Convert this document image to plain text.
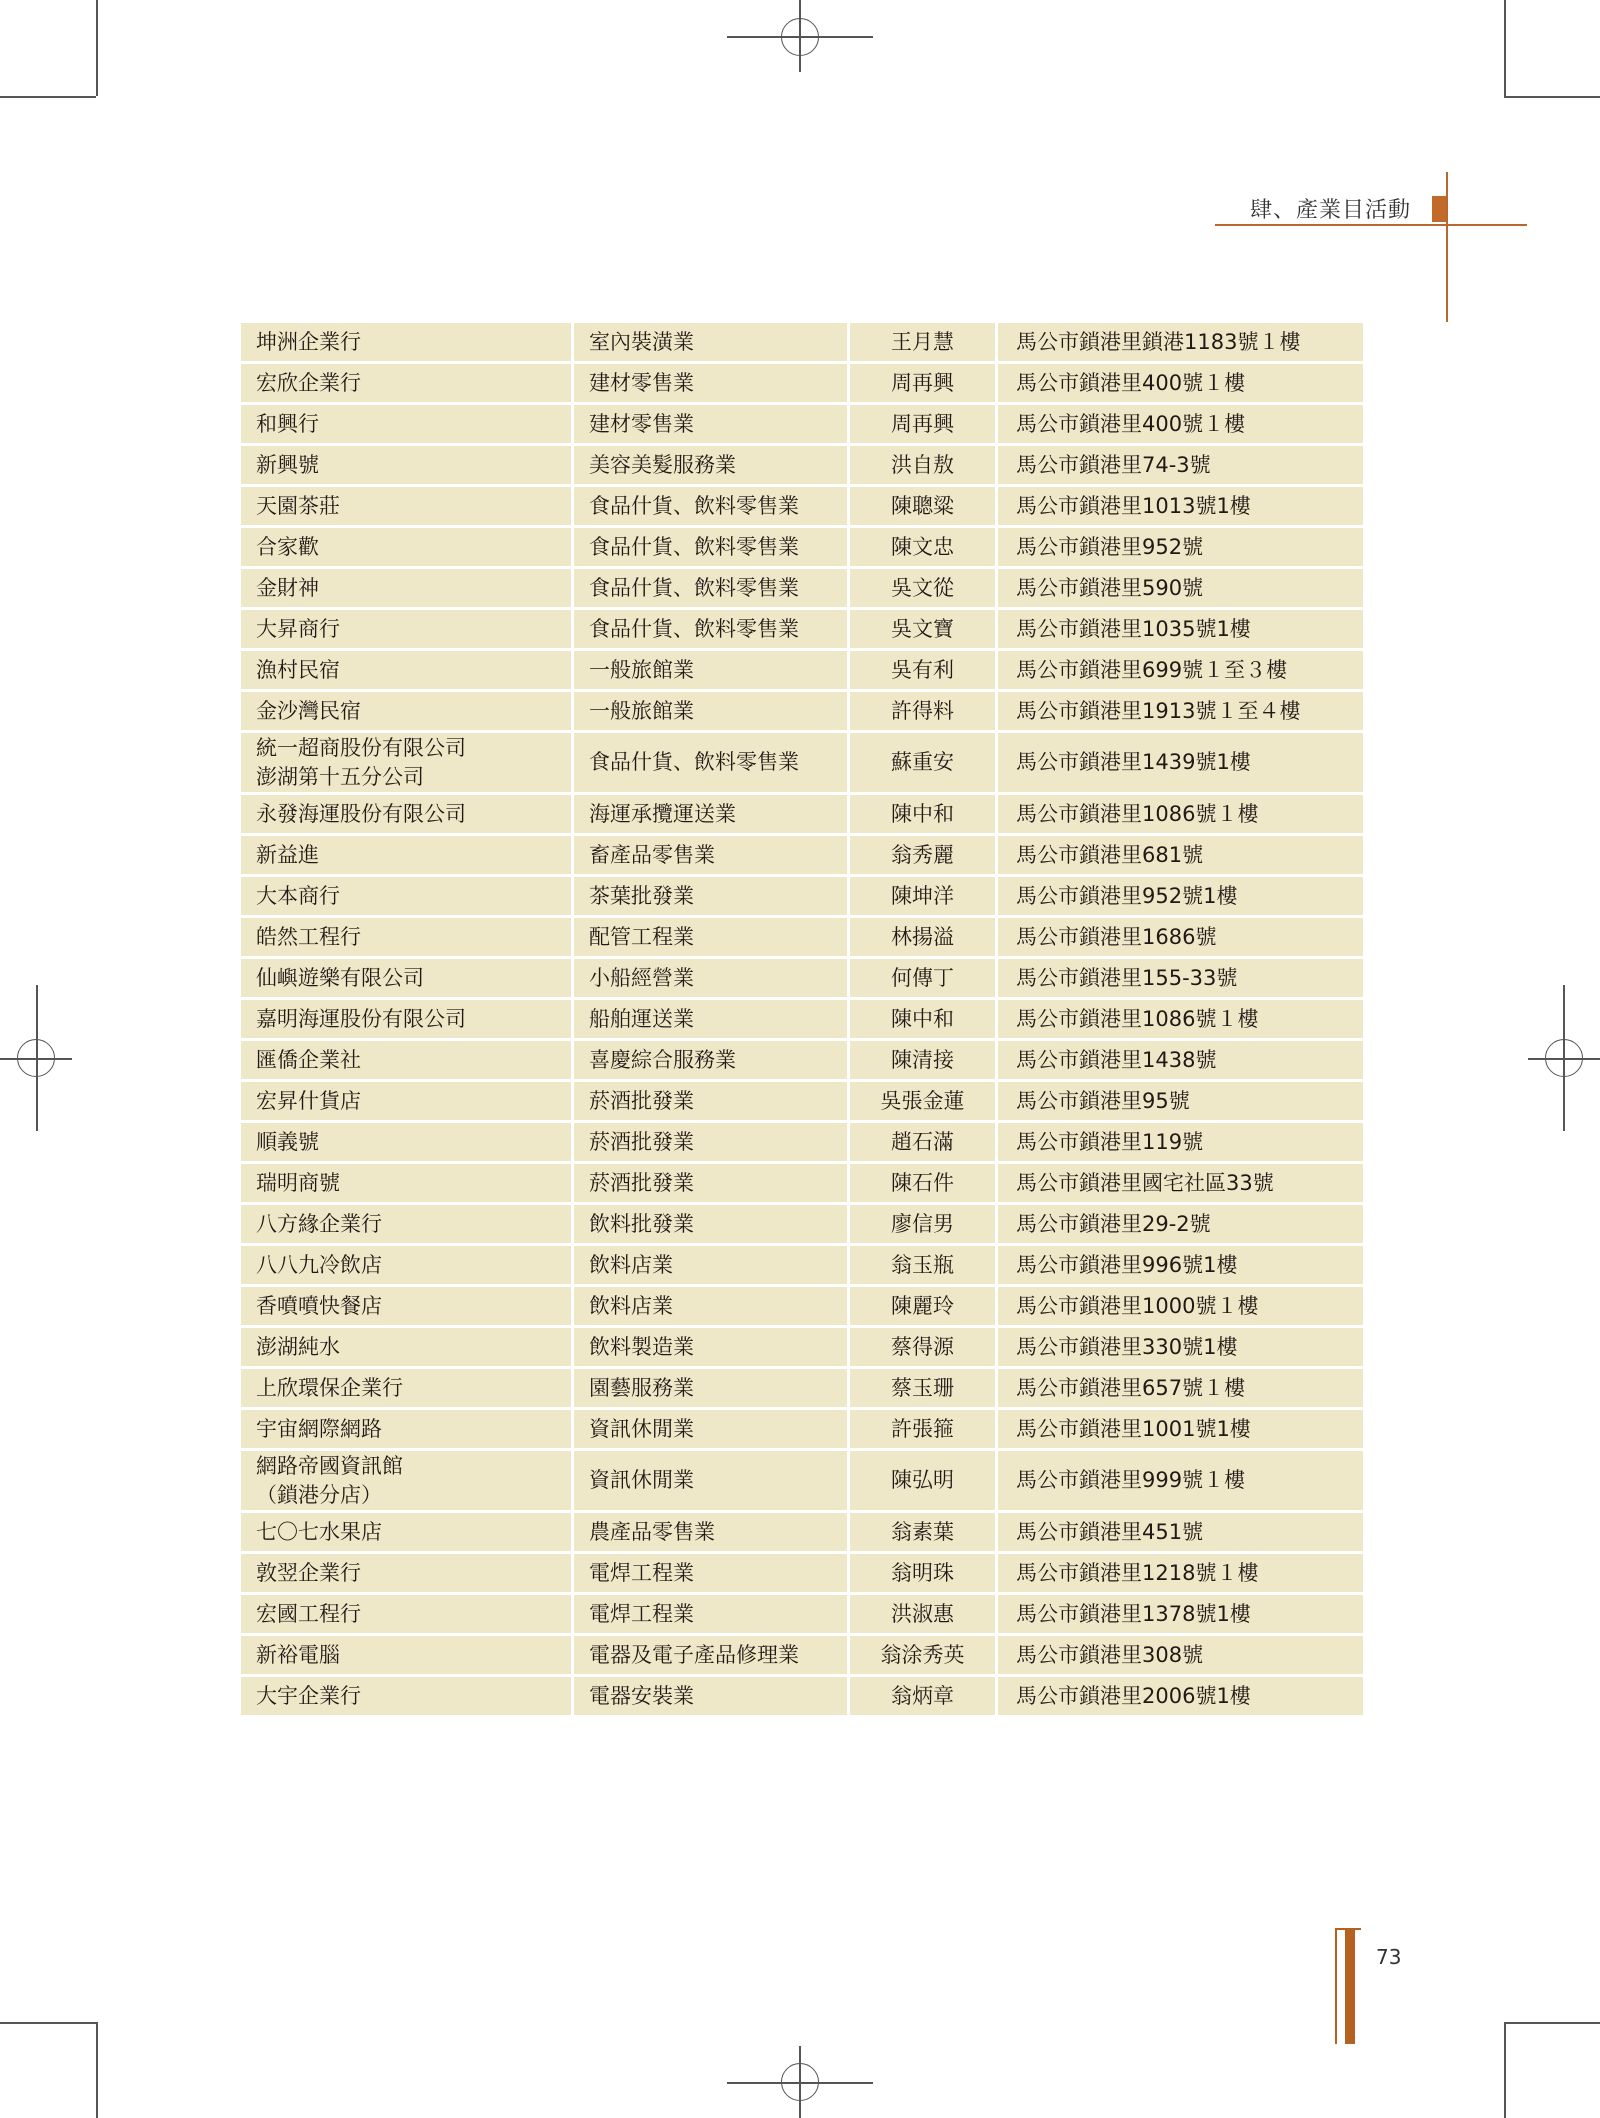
肆、產業目活動
坤洲企業行	室內裝潢業	王月慧	馬公市鎖港里鎖港1183號１樓
宏欣企業行	建材零售業	周再興	馬公市鎖港里400號１樓
和興行	建材零售業	周再興	馬公市鎖港里400號１樓
新興號	美容美髮服務業	洪自敖	馬公市鎖港里74-3號
天園茶莊	食品什貨、飲料零售業	陳聰粱	馬公市鎖港里1013號1樓
合家歡	食品什貨、飲料零售業	陳文忠	馬公市鎖港里952號
金財神	食品什貨、飲料零售業	吳文從	馬公市鎖港里590號
大昇商行	食品什貨、飲料零售業	吳文寶	馬公市鎖港里1035號1樓
漁村民宿	一般旅館業	吳有利	馬公市鎖港里699號１至３樓
金沙灣民宿	一般旅館業	許得料	馬公市鎖港里1913號１至４樓
統一超商股份有限公司
澎湖第十五分公司	食品什貨、飲料零售業	蘇重安	馬公市鎖港里1439號1樓
永發海運股份有限公司	海運承攬運送業	陳中和	馬公市鎖港里1086號１樓
新益進	畜產品零售業	翁秀麗	馬公市鎖港里681號
大本商行	茶葉批發業	陳坤洋	馬公市鎖港里952號1樓
皓然工程行	配管工程業	林揚溢	馬公市鎖港里1686號
仙嶼遊樂有限公司	小船經營業	何傳丁	馬公市鎖港里155-33號
嘉明海運股份有限公司	船舶運送業	陳中和	馬公市鎖港里1086號１樓
匯僑企業社	喜慶綜合服務業	陳清接	馬公市鎖港里1438號
宏昇什貨店	菸酒批發業	吳張金蓮	馬公市鎖港里95號
順義號	菸酒批發業	趙石滿	馬公市鎖港里119號
瑞明商號	菸酒批發業	陳石件	馬公市鎖港里國宅社區33號
八方緣企業行	飲料批發業	廖信男	馬公市鎖港里29-2號
八八九冷飲店	飲料店業	翁玉瓶	馬公市鎖港里996號1樓
香噴噴快餐店	飲料店業	陳麗玲	馬公市鎖港里1000號１樓
澎湖純水	飲料製造業	蔡得源	馬公市鎖港里330號1樓
上欣環保企業行	園藝服務業	蔡玉珊	馬公市鎖港里657號１樓
宇宙網際網路	資訊休閒業	許張箍	馬公市鎖港里1001號1樓
網路帝國資訊館
（鎖港分店）	資訊休閒業	陳弘明	馬公市鎖港里999號１樓
七〇七水果店	農產品零售業	翁素葉	馬公市鎖港里451號
敦翌企業行	電焊工程業	翁明珠	馬公市鎖港里1218號１樓
宏國工程行	電焊工程業	洪淑惠	馬公市鎖港里1378號1樓
新裕電腦	電器及電子產品修理業	翁涂秀英	馬公市鎖港里308號
大宇企業行	電器安裝業	翁炳章	馬公市鎖港里2006號1樓
73
